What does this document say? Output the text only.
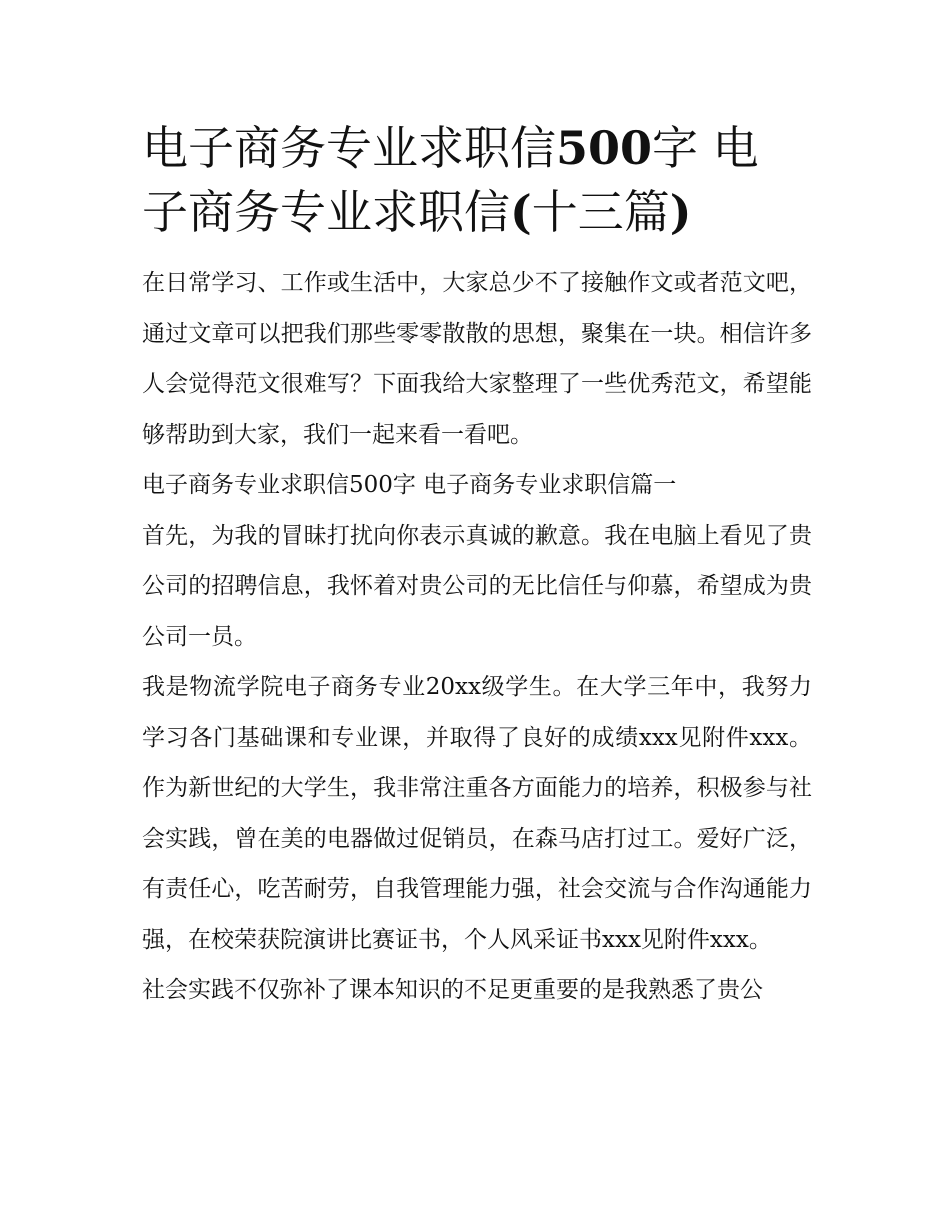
电子商务专业求职信500字 电
子商务专业求职信(十三篇)

在日常学习、工作或生活中，大家总少不了接触作文或者范文吧，通过文章可以把我们那些零零散散的思想，聚集在一块。相信许多人会觉得范文很难写？下面我给大家整理了一些优秀范文，希望能够帮助到大家，我们一起来看一看吧。

电子商务专业求职信500字 电子商务专业求职信篇一

首先，为我的冒昧打扰向你表示真诚的歉意。我在电脑上看见了贵公司的招聘信息，我怀着对贵公司的无比信任与仰慕，希望成为贵公司一员。

我是物流学院电子商务专业20xx级学生。在大学三年中，我努力学习各门基础课和专业课，并取得了良好的成绩xxx见附件xxx。作为新世纪的大学生，我非常注重各方面能力的培养，积极参与社会实践，曾在美的电器做过促销员，在森马店打过工。爱好广泛，有责任心，吃苦耐劳，自我管理能力强，社会交流与合作沟通能力强，在校荣获院演讲比赛证书，个人风采证书xxx见附件xxx。

社会实践不仅弥补了课本知识的不足更重要的是我熟悉了贵公
